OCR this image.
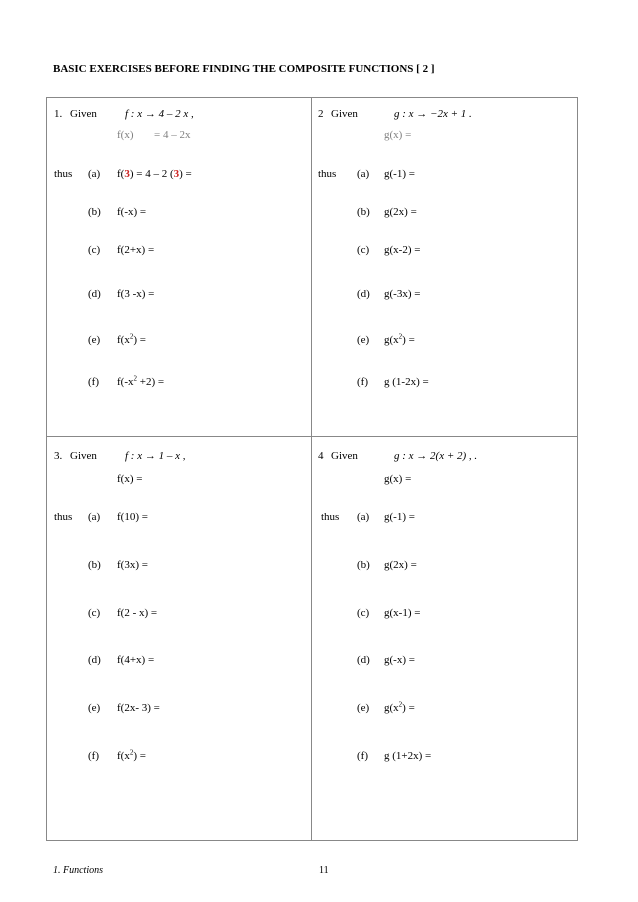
BASIC EXERCISES BEFORE FINDING THE COMPOSITE FUNCTIONS [ 2 ]
1. Given	f : x → 4 – 2 x ,
f(x) = 4 – 2x
thus (a) f(3) = 4 – 2 (3) =
(b) f(-x) =
(c) f(2+x) =
(d) f(3 -x) =
(e) $f(x^2)$ =
(f) $f(-x^2 +2)$ =
2 Given	g : x → −2x + 1 .
g(x) =
thus (a) g(-1) =
(b) g(2x) =
(c) g(x-2) =
(d) g(-3x) =
(e) $g(x^2)$ =
(f) g (1-2x) =
3. Given	f : x → 1 – x ,
f(x) =
thus (a) f(10) =
(b) f(3x) =
(c) f(2 - x) =
(d) f(4+x) =
(e) f(2x- 3) =
(f) $f(x^2)$ =
4 Given	g : x → 2(x + 2) , .
g(x) =
thus (a) g(-1) =
(b) g(2x) =
(c) g(x-1) =
(d) g(-x) =
(e) $g(x^2)$ =
(f) g (1+2x) =
1. Functions	11
